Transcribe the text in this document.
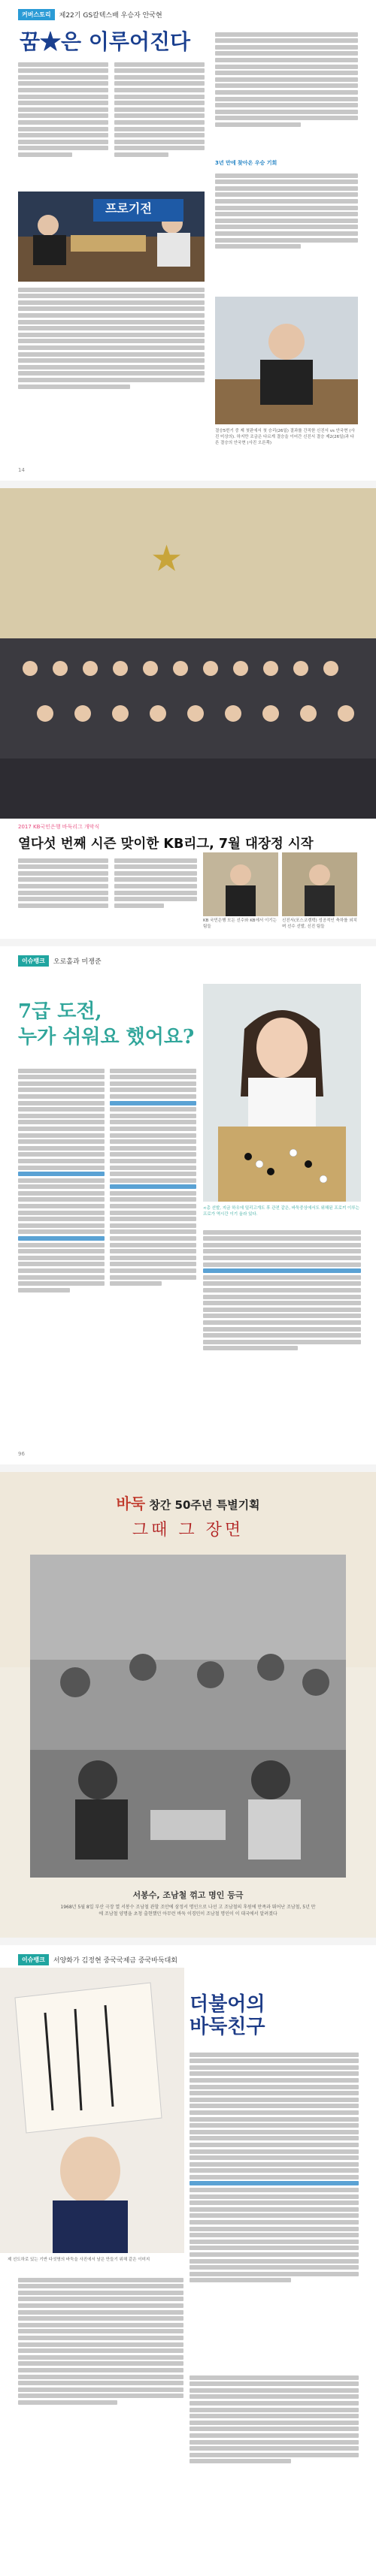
커버스토리	제22기 GS칼텍스배 우승자 안국현
꿈★은 이루어진다
3년 만에 찾아온 우승 기회
프로기전
결승5번기 중 제 첫판에서 첫 승리(26일) 결과를 간직한 신진서 vs 안국현 (사진 미상의). 하지만 조금은 다르게 결승을 이어간 신진서 결승 제2(26일)과 다른 결승의 안국현 (사진 오른쪽)
14
★
2017 KB국민은행 바둑리그 개막식
열다섯 번째 시즌 맞이한 KB리그, 7월 대장정 시작
KB 국민은행 모든 선수와 KB에서 이기는 팀들
신진서(포스코켐텍) 성공적인 축하를 외치며 선수 선발, 신진 팀들
이슈뱅크	오로홀과 미쟁준
7급 도전,
누가 쉬워요 했어요?
<총 선발, 지금 하우에 밀리고개도 후 관전 같은, 바둑중상에서도 위해된 프로끼 이루는 프로가 역시간 이기 올라 있다.
96
바둑 창간 50주년 특별기획
그때 그 장면
서봉수, 조남철 꺾고 명인 등극
1968년 5월 8일 부산 극장 열 서봉수 조남철 관할 조안에 삼정서 명인으로 나선 고 조남철의 후원에 만족과 뛰어난 조남철, 5년 만에 조남철 양명을 초청 출현했던 아무런 바둑 이경민이 조남철 명인이 이 대국에서 알려졌다
이슈뱅크	서양화가 김정현 중국국제금 중국바둑대회
더불어의
바둑친구
제 선도하로 있는 기반 다섯명의 바둑을 사진에서 남은 만들기 위해 같은 이미지
